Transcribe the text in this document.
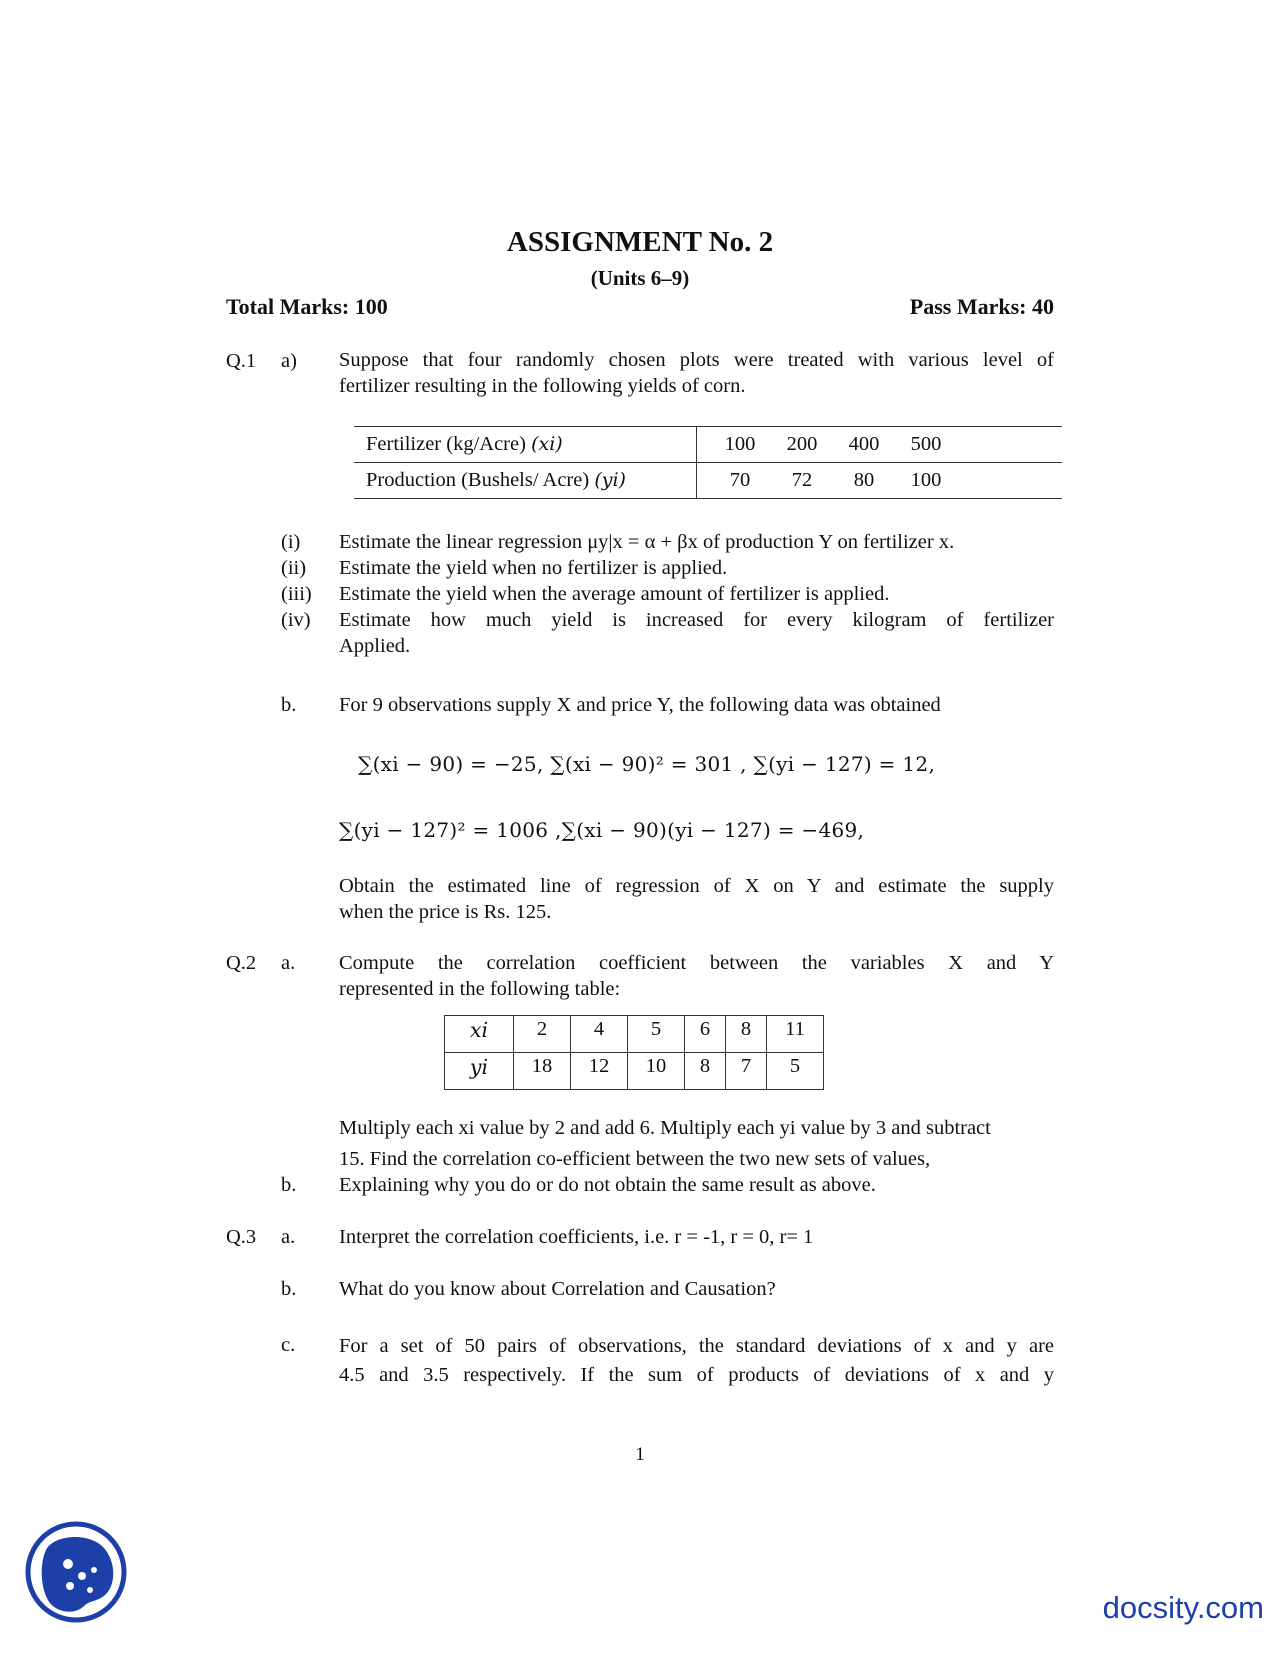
ASSIGNMENT No. 2
(Units 6–9)
Total Marks: 100	Pass Marks: 40
Q.1 a) Suppose that four randomly chosen plots were treated with various level of
fertilizer resulting in the following yields of corn.
Fertilizer (kg/Acre) (xi)	100 200 400 500
Production (Bushels/ Acre) (yi)	70 72 80 100
(i)	Estimate the linear regression μy|x = α + βx of production Y on fertilizer x.
(ii)	Estimate the yield when no fertilizer is applied.
(iii)	Estimate the yield when the average amount of fertilizer is applied.
(iv)	Estimate how much yield is increased for every kilogram of fertilizer
Applied.
b. For 9 observations supply X and price Y, the following data was obtained
∑(xi − 90) = −25, ∑(xi − 90)² = 301 , ∑(yi − 127) = 12,
∑(yi − 127)² = 1006 ,∑(xi − 90)(yi − 127) = −469,
Obtain the estimated line of regression of X on Y and estimate the supply
when the price is Rs. 125.
Q.2 a. Compute the correlation coefficient between the variables X and Y
represented in the following table:
xi	2	4	5	6	8	11
yi	18	12	10	8	7	5
Multiply each xi value by 2 and add 6. Multiply each yi value by 3 and subtract
15. Find the correlation co-efficient between the two new sets of values,
b. Explaining why you do or do not obtain the same result as above.
Q.3 a. Interpret the correlation coefficients, i.e. r = -1, r = 0, r= 1
b. What do you know about Correlation and Causation?
c. For a set of 50 pairs of observations, the standard deviations of x and y are
4.5 and 3.5 respectively. If the sum of products of deviations of x and y
1
docsity.com
